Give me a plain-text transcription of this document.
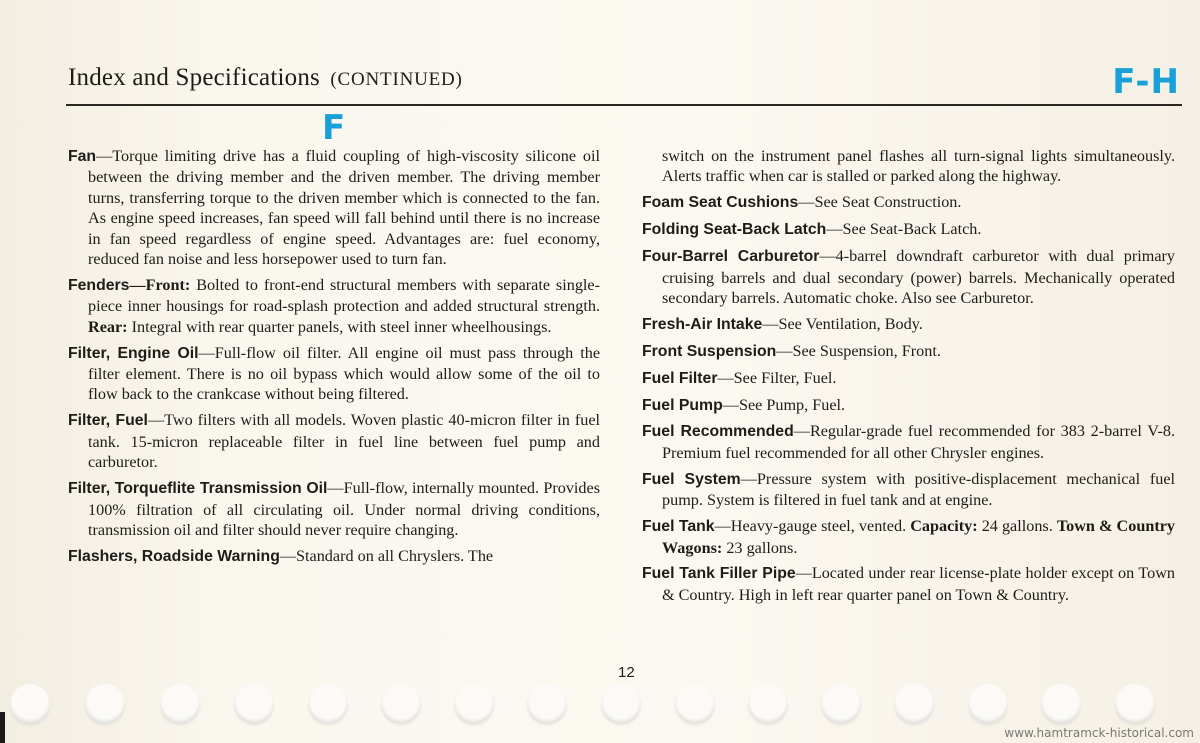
Index and Specifications (CONTINUED)	F-H
F

Fan—Torque limiting drive has a fluid coupling of high-viscosity silicone oil between the driving member and the driven member. The driving member turns, transferring torque to the driven member which is connected to the fan. As engine speed increases, fan speed will fall behind until there is no increase in fan speed regardless of engine speed. Advantages are: fuel economy, reduced fan noise and less horsepower used to turn fan.

Fenders—Front: Bolted to front-end structural members with separate single-piece inner housings for road-splash protection and added structural strength. Rear: Integral with rear quarter panels, with steel inner wheelhousings.

Filter, Engine Oil—Full-flow oil filter. All engine oil must pass through the filter element. There is no oil bypass which would allow some of the oil to flow back to the crankcase without being filtered.

Filter, Fuel—Two filters with all models. Woven plastic 40-micron filter in fuel tank. 15-micron replaceable filter in fuel line between fuel pump and carburetor.

Filter, Torqueflite Transmission Oil—Full-flow, internally mounted. Provides 100% filtration of all circulating oil. Under normal driving conditions, transmission oil and filter should never require changing.

Flashers, Roadside Warning—Standard on all Chryslers. The

switch on the instrument panel flashes all turn-signal lights simultaneously. Alerts traffic when car is stalled or parked along the highway.

Foam Seat Cushions—See Seat Construction.

Folding Seat-Back Latch—See Seat-Back Latch.

Four-Barrel Carburetor—4-barrel downdraft carburetor with dual primary cruising barrels and dual secondary (power) barrels. Mechanically operated secondary barrels. Automatic choke. Also see Carburetor.

Fresh-Air Intake—See Ventilation, Body.

Front Suspension—See Suspension, Front.

Fuel Filter—See Filter, Fuel.

Fuel Pump—See Pump, Fuel.

Fuel Recommended—Regular-grade fuel recommended for 383 2-barrel V-8. Premium fuel recommended for all other Chrysler engines.

Fuel System—Pressure system with positive-displacement mechanical fuel pump. System is filtered in fuel tank and at engine.

Fuel Tank—Heavy-gauge steel, vented. Capacity: 24 gallons. Town & Country Wagons: 23 gallons.

Fuel Tank Filler Pipe—Located under rear license-plate holder except on Town & Country. High in left rear quarter panel on Town & Country.

12
www.hamtramck-historical.com
